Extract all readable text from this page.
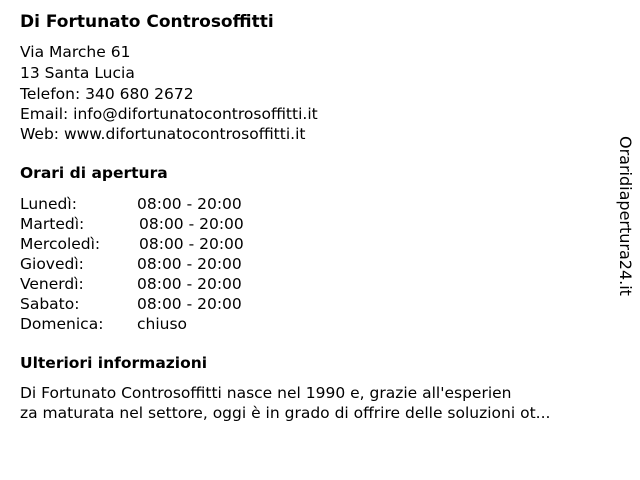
Di Fortunato Controsoffitti
Via Marche 61
13 Santa Lucia
Telefon: 340 680 2672
Email: info@difortunatocontrosoffitti.it
Web: www.difortunatocontrosoffitti.it
Orari di apertura
Lunedì:	08:00 - 20:00
Martedì:	08:00 - 20:00
Mercoledì:	08:00 - 20:00
Giovedì:	08:00 - 20:00
Venerdì:	08:00 - 20:00
Sabato:	08:00 - 20:00
Domenica: chiuso
Ulteriori informazioni
Di Fortunato Controsoffitti nasce nel 1990 e, grazie all'esperien
za maturata nel settore, oggi è in grado di offrire delle soluzioni ot...
Oraridiapertura24.it
